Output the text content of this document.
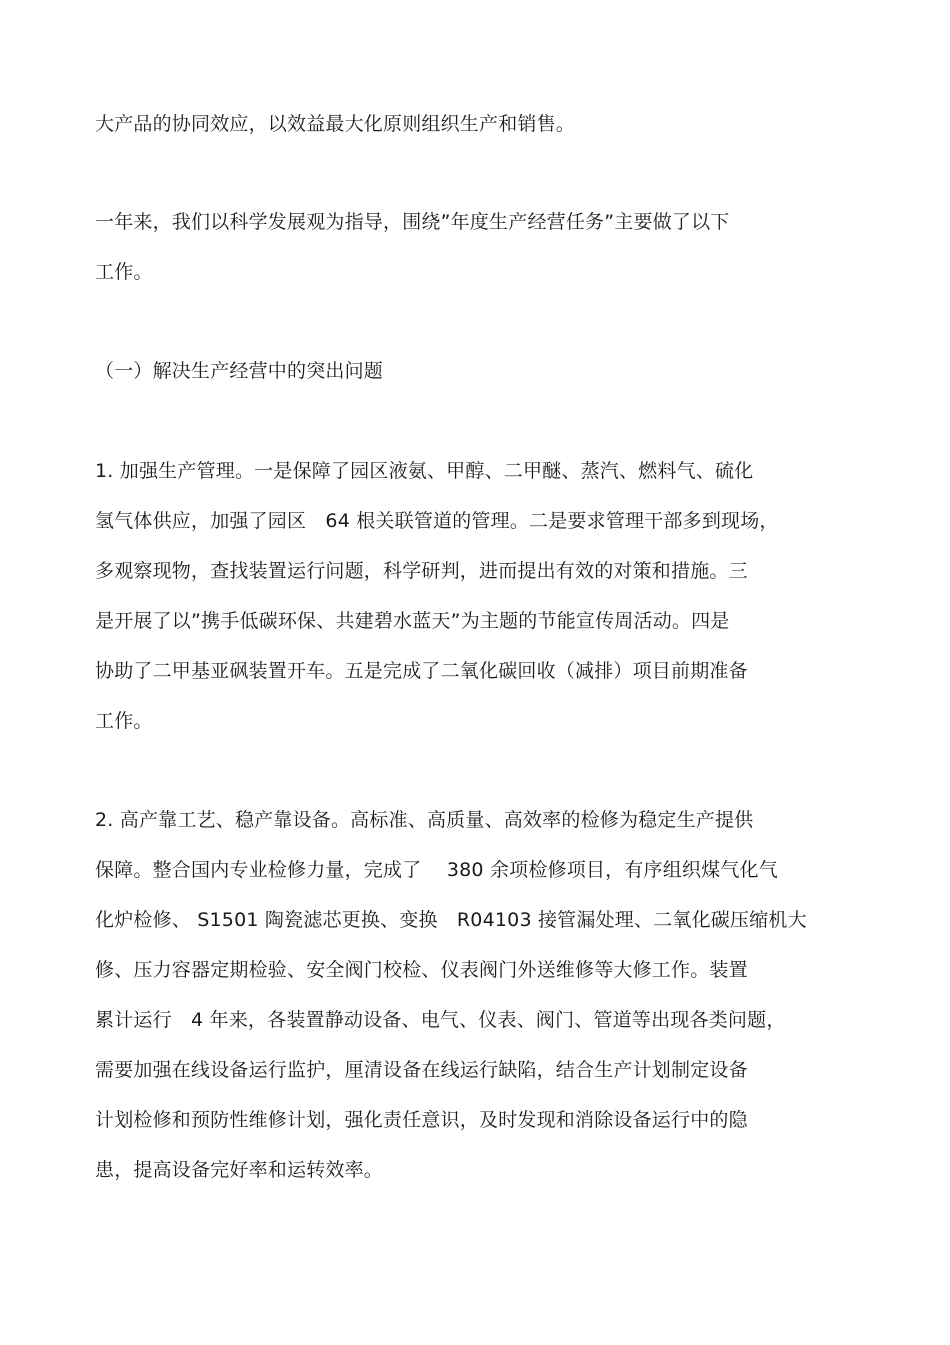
大产品的协同效应，以效益最大化原则组织生产和销售。
一年来，我们以科学发展观为指导，围绕”年度生产经营任务”主要做了以下
工作。
（一）解决生产经营中的突出问题
1. 加强生产管理。一是保障了园区液氨、甲醇、二甲醚、蒸汽、燃料气、硫化
氢气体供应，加强了园区　64 根关联管道的管理。二是要求管理干部多到现场，
多观察现物，查找装置运行问题，科学研判，进而提出有效的对策和措施。三
是开展了以”携手低碳环保、共建碧水蓝天”为主题的节能宣传周活动。四是
协助了二甲基亚砜装置开车。五是完成了二氧化碳回收（减排）项目前期准备
工作。
2. 高产靠工艺、稳产靠设备。高标准、高质量、高效率的检修为稳定生产提供
保障。整合国内专业检修力量，完成了　 380 余项检修项目，有序组织煤气化气
化炉检修、 S1501 陶瓷滤芯更换、变换　R04103 接管漏处理、二氧化碳压缩机大
修、压力容器定期检验、安全阀门校检、仪表阀门外送维修等大修工作。装置
累计运行　4 年来，各装置静动设备、电气、仪表、阀门、管道等出现各类问题，
需要加强在线设备运行监护，厘清设备在线运行缺陷，结合生产计划制定设备
计划检修和预防性维修计划，强化责任意识，及时发现和消除设备运行中的隐
患，提高设备完好率和运转效率。
